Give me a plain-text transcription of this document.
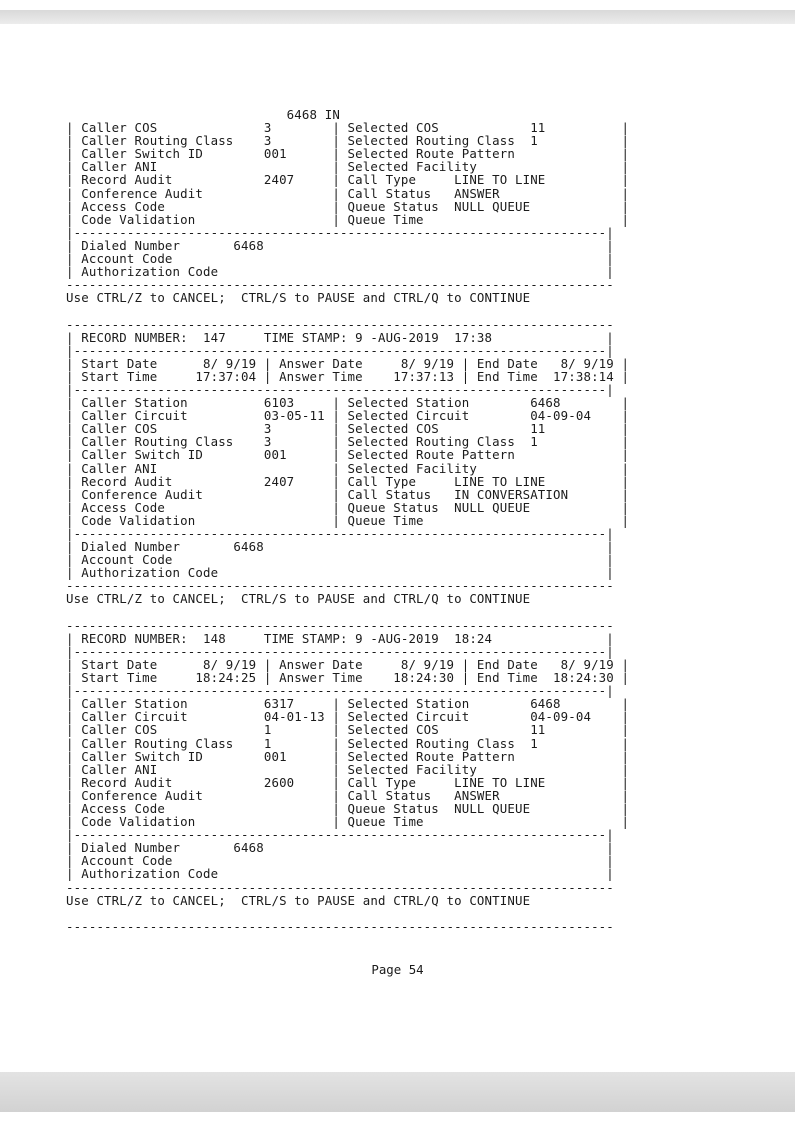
6468 IN
| Caller COS              3        | Selected COS            11          |
| Caller Routing Class    3        | Selected Routing Class  1           |
| Caller Switch ID        001      | Selected Route Pattern              |
| Caller ANI                       | Selected Facility                   |
| Record Audit            2407     | Call Type     LINE TO LINE          |
| Conference Audit                 | Call Status   ANSWER                |
| Access Code                      | Queue Status  NULL QUEUE            |
| Code Validation                  | Queue Time                          |
|----------------------------------------------------------------------|
| Dialed Number       6468                                             |
| Account Code                                                         |
| Authorization Code                                                   |
------------------------------------------------------------------------
Use CTRL/Z to CANCEL;  CTRL/S to PAUSE and CTRL/Q to CONTINUE
------------------------------------------------------------------------
| RECORD NUMBER:  147     TIME STAMP: 9 -AUG-2019  17:38               |
|----------------------------------------------------------------------|
| Start Date      8/ 9/19 | Answer Date     8/ 9/19 | End Date   8/ 9/19 |
| Start Time     17:37:04 | Answer Time    17:37:13 | End Time  17:38:14 |
|----------------------------------------------------------------------|
| Caller Station          6103     | Selected Station        6468        |
| Caller Circuit          03-05-11 | Selected Circuit        04-09-04    |
| Caller COS              3        | Selected COS            11          |
| Caller Routing Class    3        | Selected Routing Class  1           |
| Caller Switch ID        001      | Selected Route Pattern              |
| Caller ANI                       | Selected Facility                   |
| Record Audit            2407     | Call Type     LINE TO LINE          |
| Conference Audit                 | Call Status   IN CONVERSATION       |
| Access Code                      | Queue Status  NULL QUEUE            |
| Code Validation                  | Queue Time                          |
|----------------------------------------------------------------------|
| Dialed Number       6468                                             |
| Account Code                                                         |
| Authorization Code                                                   |
------------------------------------------------------------------------
Use CTRL/Z to CANCEL;  CTRL/S to PAUSE and CTRL/Q to CONTINUE
------------------------------------------------------------------------
| RECORD NUMBER:  148     TIME STAMP: 9 -AUG-2019  18:24               |
|----------------------------------------------------------------------|
| Start Date      8/ 9/19 | Answer Date     8/ 9/19 | End Date   8/ 9/19 |
| Start Time     18:24:25 | Answer Time    18:24:30 | End Time  18:24:30 |
|----------------------------------------------------------------------|
| Caller Station          6317     | Selected Station        6468        |
| Caller Circuit          04-01-13 | Selected Circuit        04-09-04    |
| Caller COS              1        | Selected COS            11          |
| Caller Routing Class    1        | Selected Routing Class  1           |
| Caller Switch ID        001      | Selected Route Pattern              |
| Caller ANI                       | Selected Facility                   |
| Record Audit            2600     | Call Type     LINE TO LINE          |
| Conference Audit                 | Call Status   ANSWER                |
| Access Code                      | Queue Status  NULL QUEUE            |
| Code Validation                  | Queue Time                          |
|----------------------------------------------------------------------|
| Dialed Number       6468                                             |
| Account Code                                                         |
| Authorization Code                                                   |
------------------------------------------------------------------------
Use CTRL/Z to CANCEL;  CTRL/S to PAUSE and CTRL/Q to CONTINUE
------------------------------------------------------------------------
Page 54
